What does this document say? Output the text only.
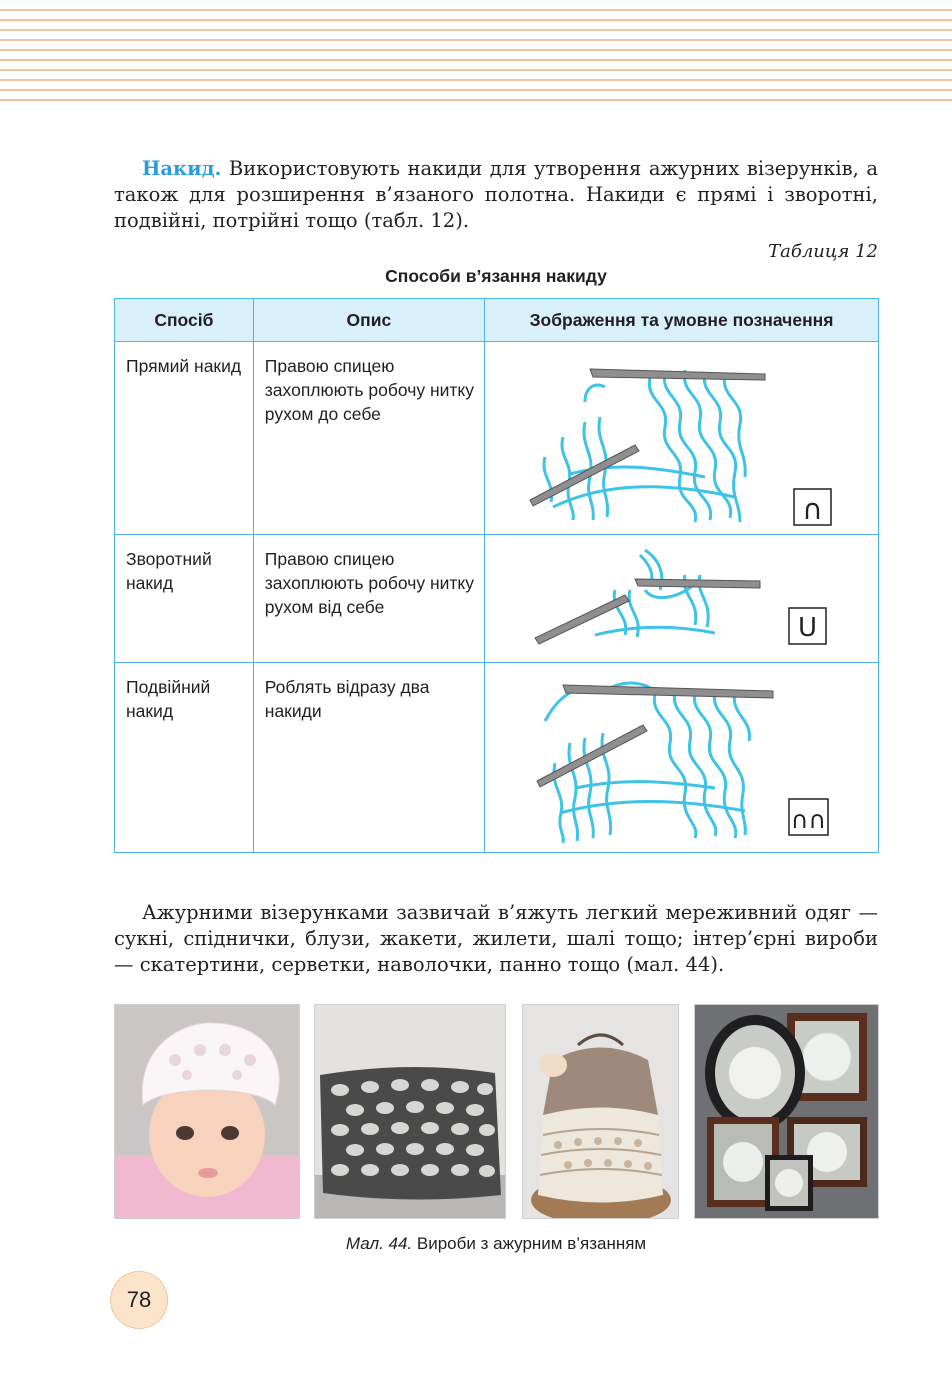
Накид. Використовують накиди для утворення ажурних візерунків, а також для розширення в’язаного полотна. Накиди є прямі і зворотні, подвійні, потрійні тощо (табл. 12).

Таблиця 12
Способи в’язання накиду
Спосіб	Опис	Зображення та умовне позначення
Прямий накид	Правою спицею захоплюють робочу нитку рухом до себе	∩

Зворотний накид	Правою спицею захоплюють робочу нитку рухом від себе	U

Подвійний накид	Роблять відразу два накиди	∩∩

Ажурними візерунками зазвичай в’яжуть легкий мереживний одяг — сукні, спіднички, блузи, жакети, жилети, шалі тощо; інтер’єрні вироби — скатертини, серветки, наволочки, панно тощо (мал. 44).

Мал. 44. Вироби з ажурним в’язанням
78
